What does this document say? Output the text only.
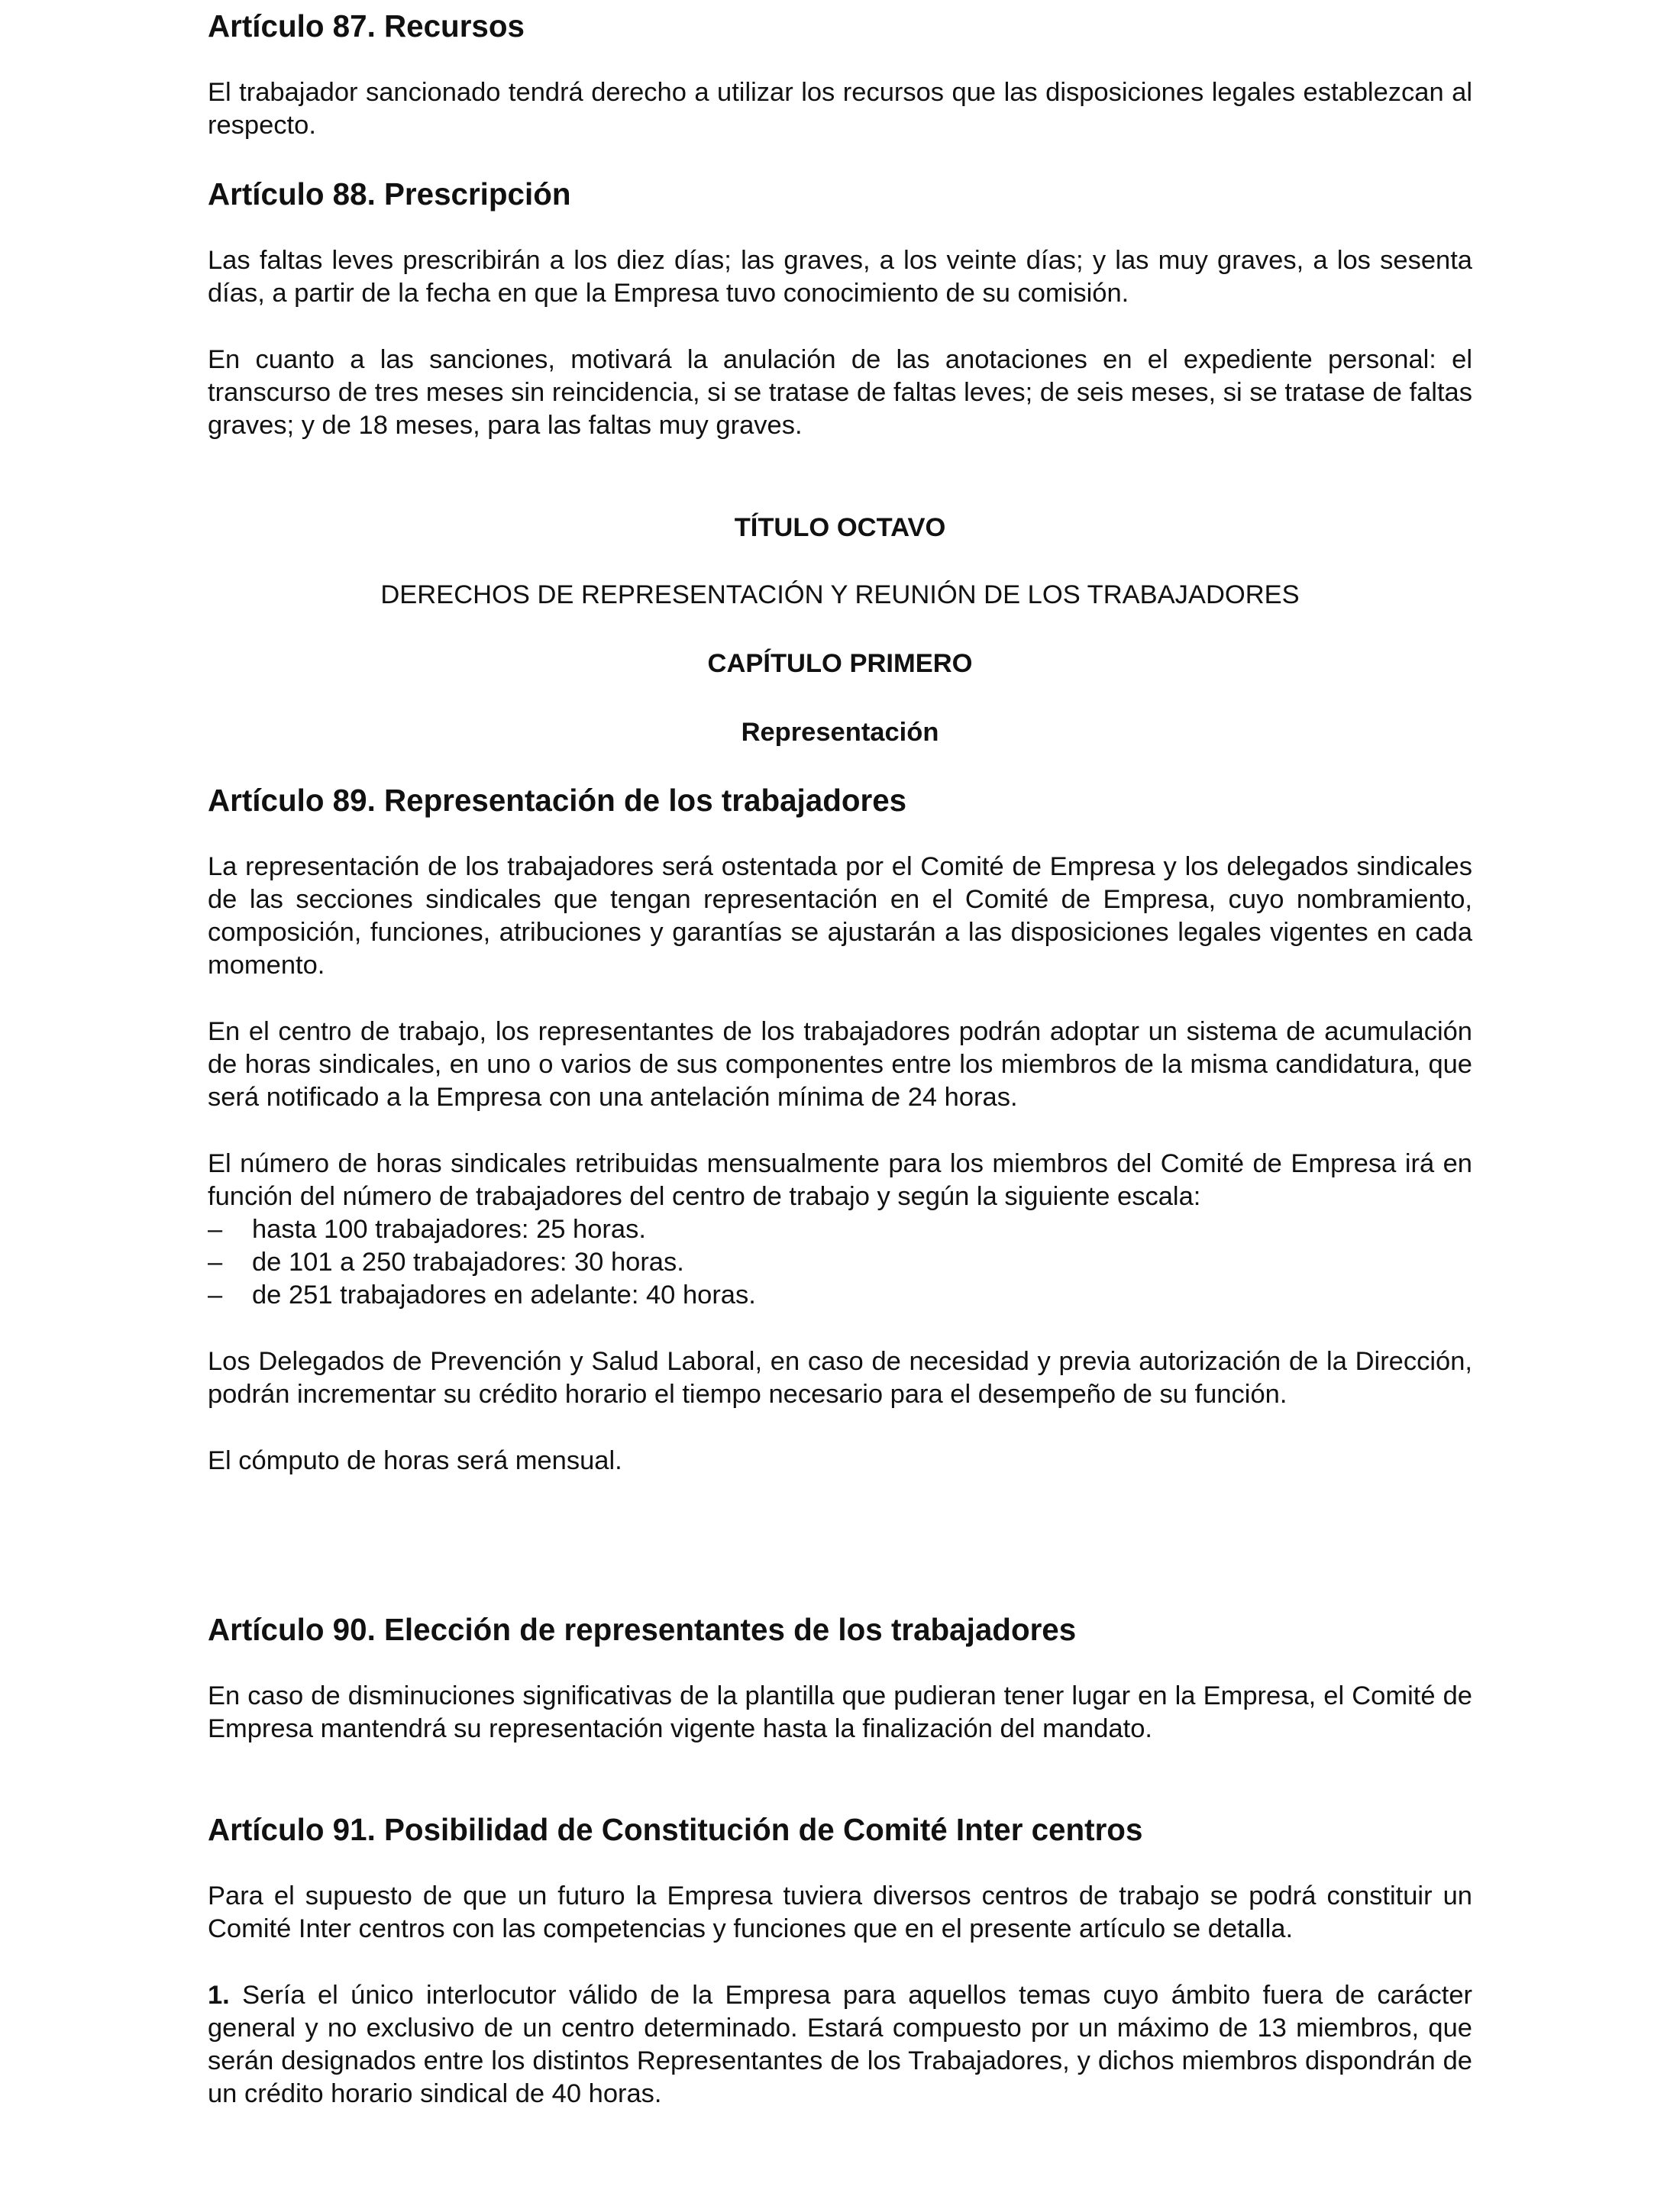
Artículo 87. Recursos

El trabajador sancionado tendrá derecho a utilizar los recursos que las disposiciones legales establezcan al respecto.

Artículo 88. Prescripción

Las faltas leves prescribirán a los diez días; las graves, a los veinte días; y las muy graves, a los sesenta días, a partir de la fecha en que la Empresa tuvo conocimiento de su comisión.

En cuanto a las sanciones, motivará la anulación de las anotaciones en el expediente personal: el transcurso de tres meses sin reincidencia, si se tratase de faltas leves; de seis meses, si se tratase de faltas graves; y de 18 meses, para las faltas muy graves.

TÍTULO OCTAVO

DERECHOS DE REPRESENTACIÓN Y REUNIÓN DE LOS TRABAJADORES

CAPÍTULO PRIMERO
Representación
Artículo 89. Representación de los trabajadores

La representación de los trabajadores será ostentada por el Comité de Empresa y los delegados sindicales de las secciones sindicales que tengan representación en el Comité de Empresa, cuyo nombramiento, composición, funciones, atribuciones y garantías se ajustarán a las disposiciones legales vigentes en cada momento.

En el centro de trabajo, los representantes de los trabajadores podrán adoptar un sistema de acumulación de horas sindicales, en uno o varios de sus componentes entre los miembros de la misma candidatura, que será notificado a la Empresa con una antelación mínima de 24 horas.

El número de horas sindicales retribuidas mensualmente para los miembros del Comité de Empresa irá en función del número de trabajadores del centro de trabajo y según la siguiente escala:

– hasta 100 trabajadores: 25 horas.
– de 101 a 250 trabajadores: 30 horas.
– de 251 trabajadores en adelante: 40 horas.

Los Delegados de Prevención y Salud Laboral, en caso de necesidad y previa autorización de la Dirección, podrán incrementar su crédito horario el tiempo necesario para el desempeño de su función.

El cómputo de horas será mensual.

Artículo 90. Elección de representantes de los trabajadores

En caso de disminuciones significativas de la plantilla que pudieran tener lugar en la Empresa, el Comité de Empresa mantendrá su representación vigente hasta la finalización del mandato.

Artículo 91. Posibilidad de Constitución de Comité Inter centros

Para el supuesto de que un futuro la Empresa tuviera diversos centros de trabajo se podrá constituir un Comité Inter centros con las competencias y funciones que en el presente artículo se detalla.

1. Sería el único interlocutor válido de la Empresa para aquellos temas cuyo ámbito fuera de carácter general y no exclusivo de un centro determinado. Estará compuesto por un máximo de 13 miembros, que serán designados entre los distintos Representantes de los Trabajadores, y dichos miembros dispondrán de un crédito horario sindical de 40 horas.
